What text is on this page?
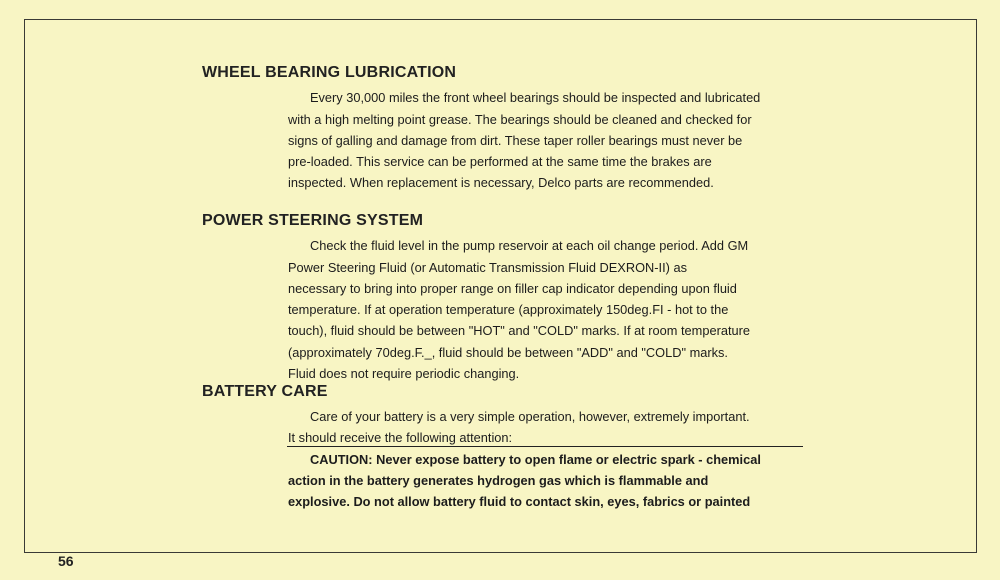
WHEEL BEARING LUBRICATION
Every 30,000 miles the front wheel bearings should be inspected and lubricated
with a high melting point grease. The bearings should be cleaned and checked for
signs of galling and damage from dirt. These taper roller bearings must never be
pre-loaded. This service can be performed at the same time the brakes are
inspected. When replacement is necessary, Delco parts are recommended.
POWER STEERING SYSTEM
Check the fluid level in the pump reservoir at each oil change period. Add GM
Power Steering Fluid (or Automatic Transmission Fluid DEXRON-II) as
necessary to bring into proper range on filler cap indicator depending upon fluid
temperature. If at operation temperature (approximately 150deg.FI - hot to the
touch), fluid should be between "HOT" and "COLD" marks. If at room temperature
(approximately 70deg.F._, fluid should be between "ADD" and "COLD" marks.
Fluid does not require periodic changing.
BATTERY CARE
Care of your battery is a very simple operation, however, extremely important.
It should receive the following attention:
CAUTION: Never expose battery to open flame or electric spark - chemical
action in the battery generates hydrogen gas which is flammable and
explosive. Do not allow battery fluid to contact skin, eyes, fabrics or painted
56
